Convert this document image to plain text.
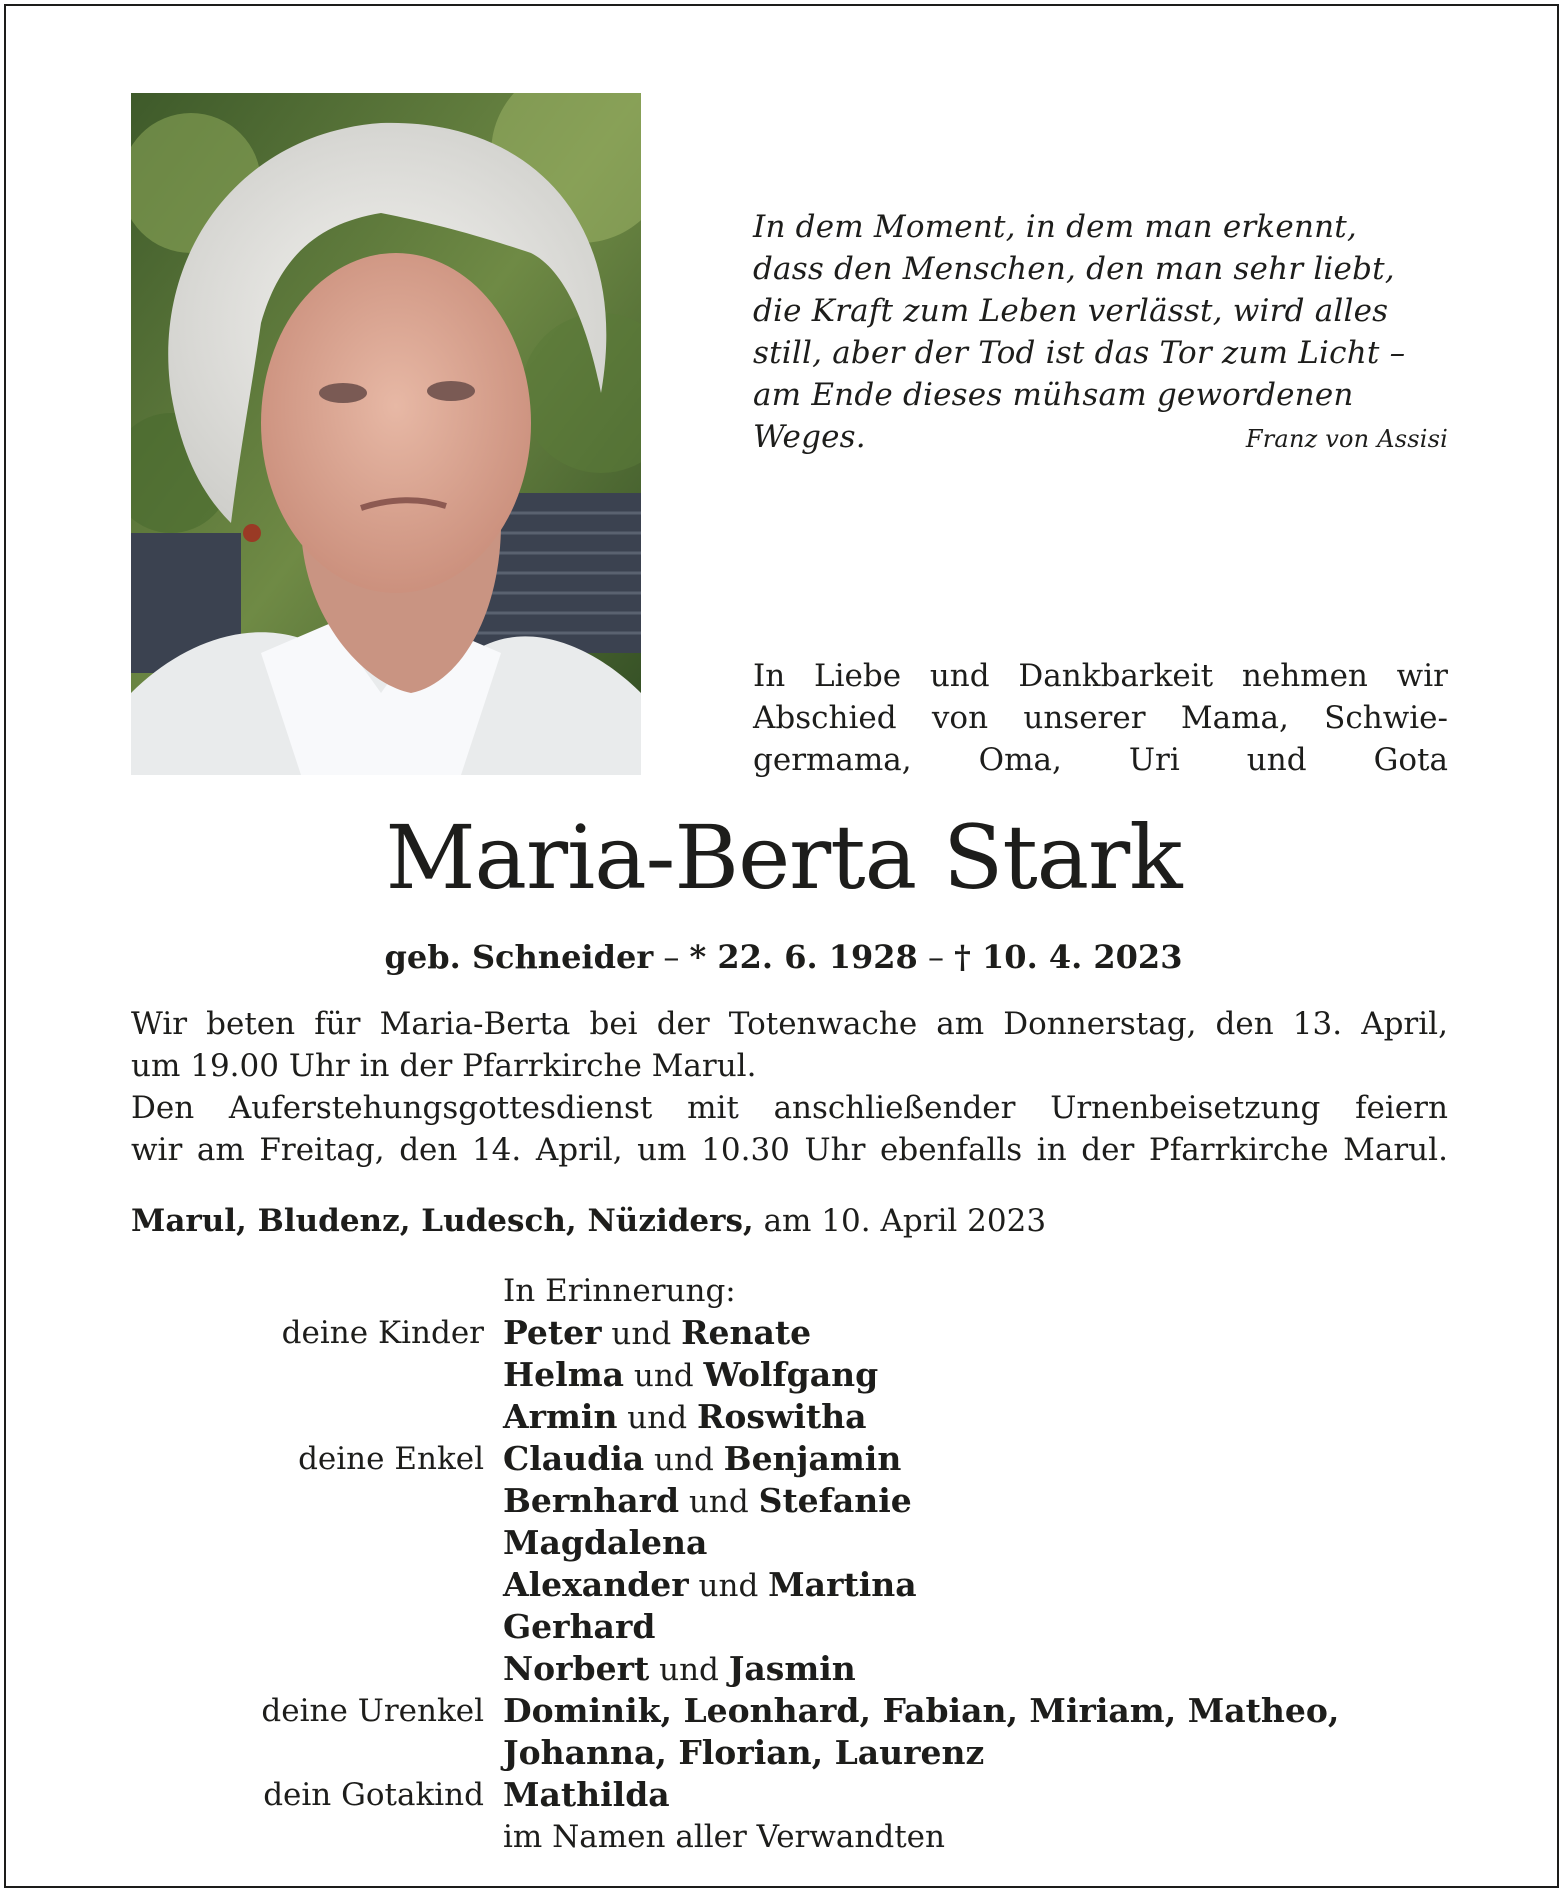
In dem Moment, in dem man erkennt,
dass den Menschen, den man sehr liebt,
die Kraft zum Leben verlässt, wird alles
still, aber der Tod ist das Tor zum Licht –
am Ende dieses mühsam gewordenen
Weges.	Franz von Assisi
In Liebe und Dankbarkeit nehmen wir
Abschied von unserer Mama, Schwie-
germama, Oma, Uri und Gota
Maria-Berta Stark
geb. Schneider – * 22. 6. 1928 – † 10. 4. 2023
Wir beten für Maria-Berta bei der Totenwache am Donnerstag, den 13. April,
um 19.00 Uhr in der Pfarrkirche Marul.
Den Auferstehungsgottesdienst mit anschließender Urnenbeisetzung feiern
wir am Freitag, den 14. April, um 10.30 Uhr ebenfalls in der Pfarrkirche Marul.
Marul, Bludenz, Ludesch, Nüziders, am 10. April 2023
In Erinnerung:
deine Kinder Peter und Renate
Helma und Wolfgang
Armin und Roswitha
deine Enkel Claudia und Benjamin
Bernhard und Stefanie
Magdalena
Alexander und Martina
Gerhard
Norbert und Jasmin
deine Urenkel Dominik, Leonhard, Fabian, Miriam, Matheo,
Johanna, Florian, Laurenz
dein Gotakind Mathilda
im Namen aller Verwandten
